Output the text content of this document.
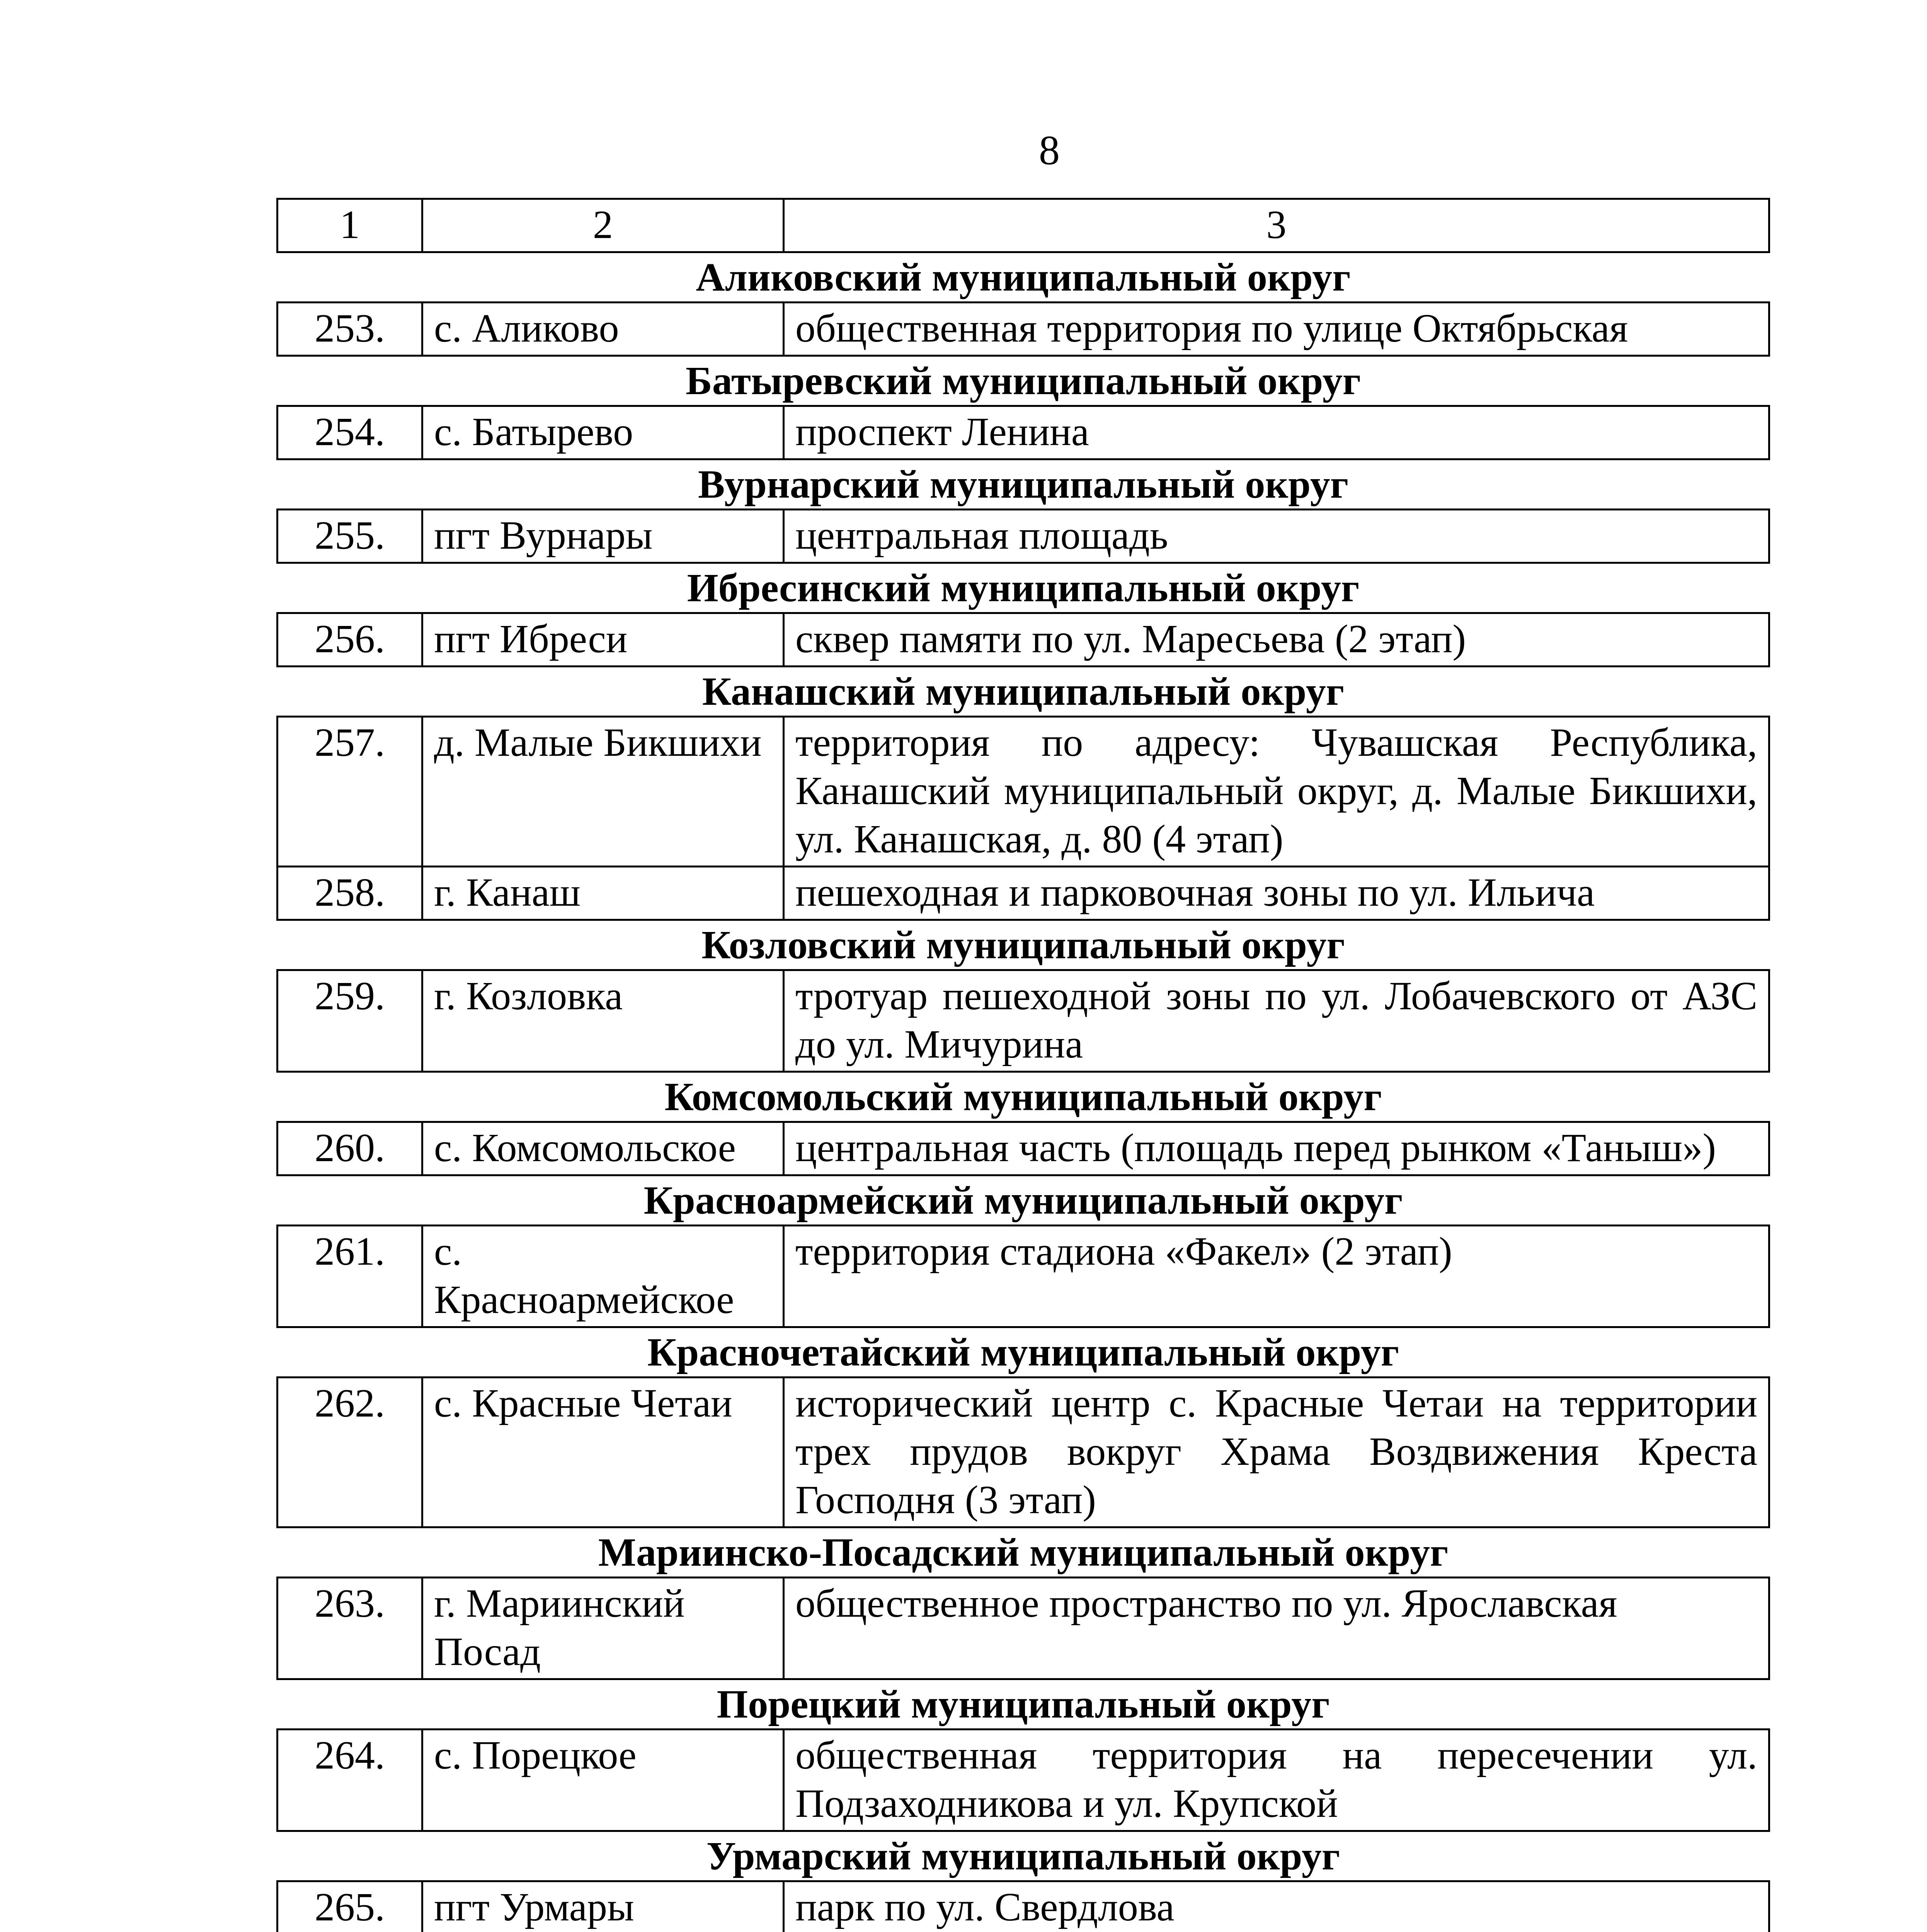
8
1	2	3
Аликовский муниципальный округ		
253.	с. Аликово	общественная территория по улице Октябрьская
Батыревский муниципальный округ		
254.	с. Батырево	проспект Ленина
Вурнарский муниципальный округ		
255.	пгт Вурнары	центральная площадь
Ибресинский муниципальный округ		
256.	пгт Ибреси	сквер памяти по ул. Маресьева (2 этап)
Канашский муниципальный округ		
257.	д. Малые Бикшихи	территория по адресу: Чувашская Республика, Канашский муниципальный округ, д. Малые Бикшихи, ул. Канашская, д. 80 (4 этап)
258.	г. Канаш	пешеходная и парковочная зоны по ул. Ильича
Козловский муниципальный округ		
259.	г. Козловка	тротуар пешеходной зоны по ул. Лобачевского от АЗС до ул. Мичурина
Комсомольский муниципальный округ		
260.	с. Комсомольское	центральная часть (площадь перед рынком «Таныш»)
Красноармейский муниципальный округ		
261.	с. Красноармейское	территория стадиона «Факел» (2 этап)
Красночетайский муниципальный округ		
262.	с. Красные Четаи	исторический центр с. Красные Четаи на территории трех прудов вокруг Храма Воздвижения Креста Господня (3 этап)
Мариинско-Посадский муниципальный округ		
263.	г. Мариинский Посад	общественное пространство по ул. Ярославская
Порецкий муниципальный округ		
264.	с. Порецкое	общественная территория на пересечении ул. Подзаходникова и ул. Крупской
Урмарский муниципальный округ		
265.	пгт Урмары	парк по ул. Свердлова
